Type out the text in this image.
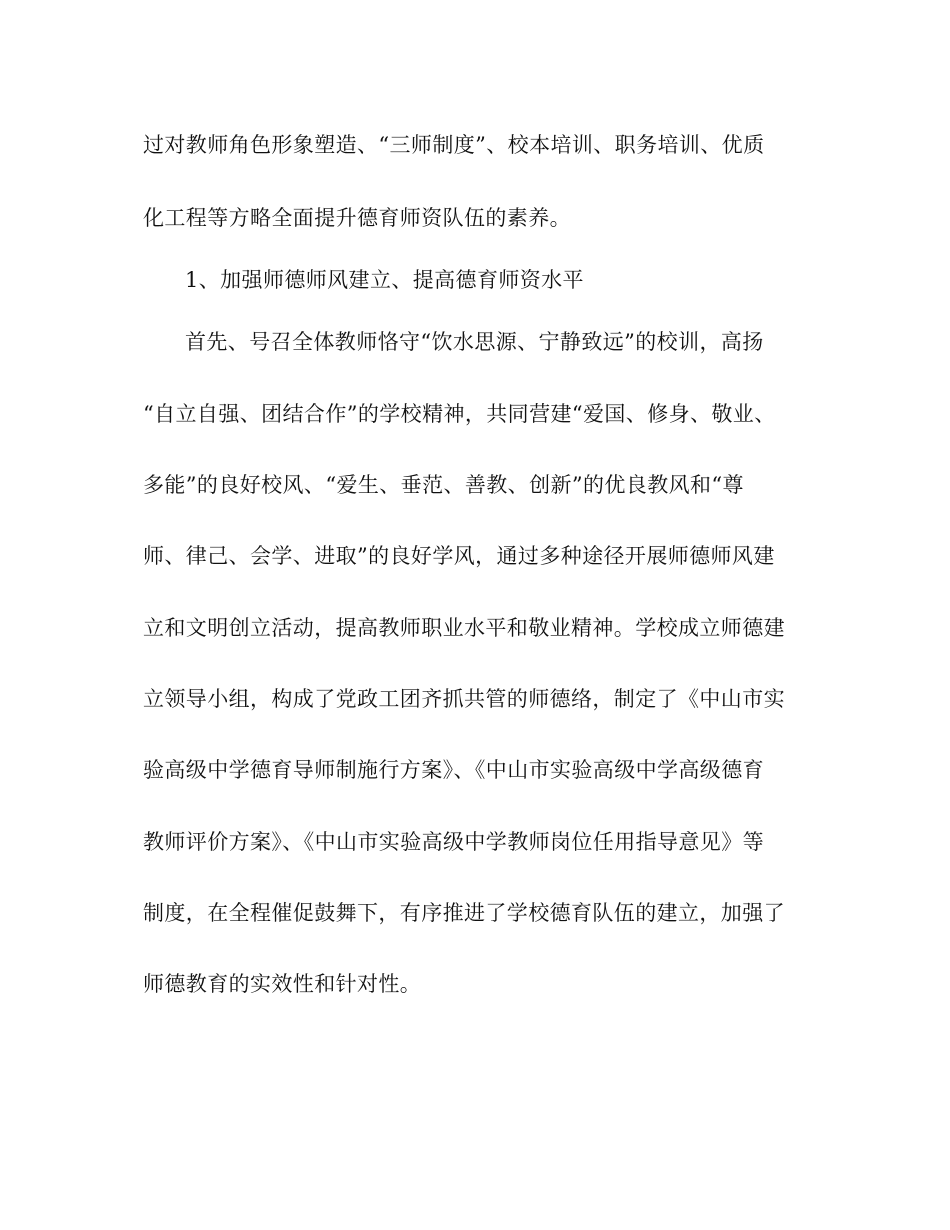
过对教师角色形象塑造、“三师制度”、校本培训、职务培训、优质
化工程等方略全面提升德育师资队伍的素养。
1、加强师德师风建立、提高德育师资水平
首先、号召全体教师恪守“饮水思源、宁静致远”的校训，高扬
“自立自强、团结合作”的学校精神，共同营建“爱国、修身、敬业、
多能”的良好校风、“爱生、垂范、善教、创新”的优良教风和“尊
师、律己、会学、进取”的良好学风，通过多种途径开展师德师风建
立和文明创立活动，提高教师职业水平和敬业精神。学校成立师德建
立领导小组，构成了党政工团齐抓共管的师德络，制定了《中山市实
验高级中学德育导师制施行方案》、《中山市实验高级中学高级德育
教师评价方案》、《中山市实验高级中学教师岗位任用指导意见》等
制度，在全程催促鼓舞下，有序推进了学校德育队伍的建立，加强了
师德教育的实效性和针对性。
